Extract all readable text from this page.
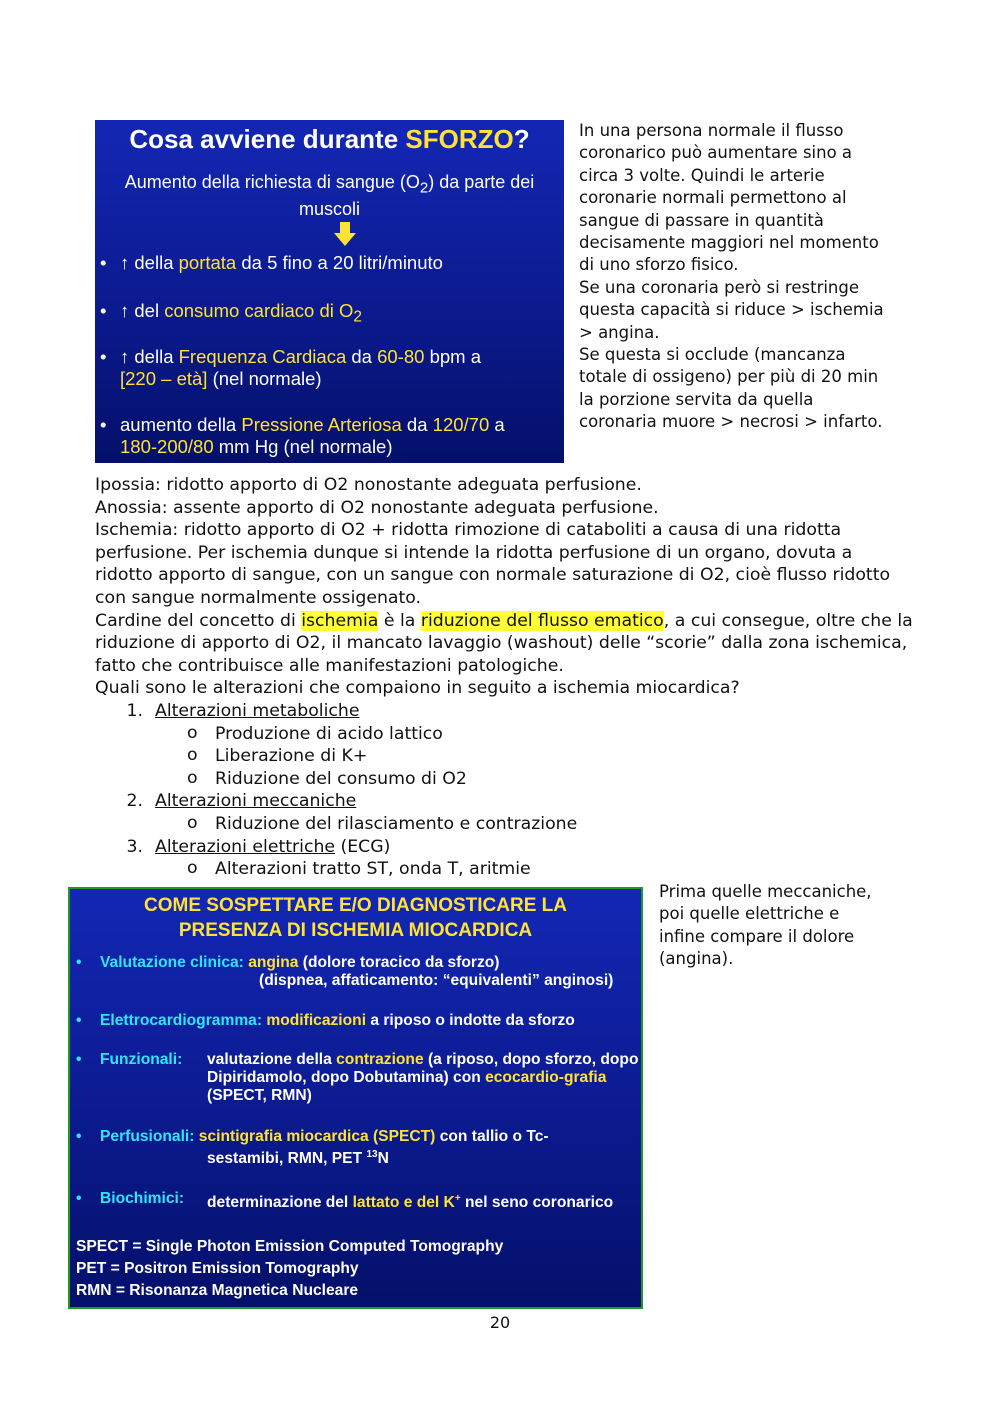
Cosa avviene durante SFORZO?
Aumento della richiesta di sangue $(O_2)$ da parte dei muscoli
• ↑ della portata da 5 fino a 20 litri/minuto
• ↑ del consumo cardiaco di $O_2$
• ↑ della Frequenza Cardiaca da 60-80 bpm a
[220 – età] (nel normale)
• aumento della Pressione Arteriosa da 120/70 a
180-200/80 mm Hg (nel normale)
In una persona normale il flusso
coronarico può aumentare sino a
circa 3 volte. Quindi le arterie
coronarie normali permettono al
sangue di passare in quantità
decisamente maggiori nel momento
di uno sforzo fisico.
Se una coronaria però si restringe
questa capacità si riduce > ischemia
> angina.
Se questa si occlude (mancanza
totale di ossigeno) per più di 20 min
la porzione servita da quella
coronaria muore > necrosi > infarto.

Ipossia: ridotto apporto di O2 nonostante adeguata perfusione.

Anossia: assente apporto di O2 nonostante adeguata perfusione.

Ischemia: ridotto apporto di O2 + ridotta rimozione di cataboliti a causa di una ridotta perfusione. Per ischemia dunque si intende la ridotta perfusione di un organo, dovuta a ridotto apporto di sangue, con un sangue con normale saturazione di O2, cioè flusso ridotto con sangue normalmente ossigenato.

Cardine del concetto di ischemia è la riduzione del flusso ematico, a cui consegue, oltre che la riduzione di apporto di O2, il mancato lavaggio (washout) delle “scorie” dalla zona ischemica, fatto che contribuisce alle manifestazioni patologiche.

Quali sono le alterazioni che compaiono in seguito a ischemia miocardica?

1. Alterazioni metaboliche
o Produzione di acido lattico
o Liberazione di K+
o Riduzione del consumo di O2
2. Alterazioni meccaniche
o Riduzione del rilasciamento e contrazione
3. Alterazioni elettriche (ECG)
o Alterazioni tratto ST, onda T, aritmie
COME SOSPETTARE E/O DIAGNOSTICARE LA
PRESENZA DI ISCHEMIA MIOCARDICA
• Valutazione clinica: angina (dolore toracico da sforzo)
(dispnea, affaticamento: “equivalenti” anginosi)
• Elettrocardiogramma: modificazioni a riposo o indotte da sforzo
• Funzionali: valutazione della contrazione (a riposo, dopo sforzo, dopo Dipiridamolo, dopo Dobutamina) con ecocardio-grafia (SPECT, RMN)
• Perfusionali: scintigrafia miocardica (SPECT) con tallio o Tc-
sestamibi, RMN, PET $^{13}$N
• Biochimici: determinazione del lattato e del K+ nel seno coronarico
SPECT = Single Photon Emission Computed Tomography
PET = Positron Emission Tomography
RMN = Risonanza Magnetica Nucleare
Prima quelle meccaniche,
poi quelle elettriche e
infine compare il dolore
(angina).
20
